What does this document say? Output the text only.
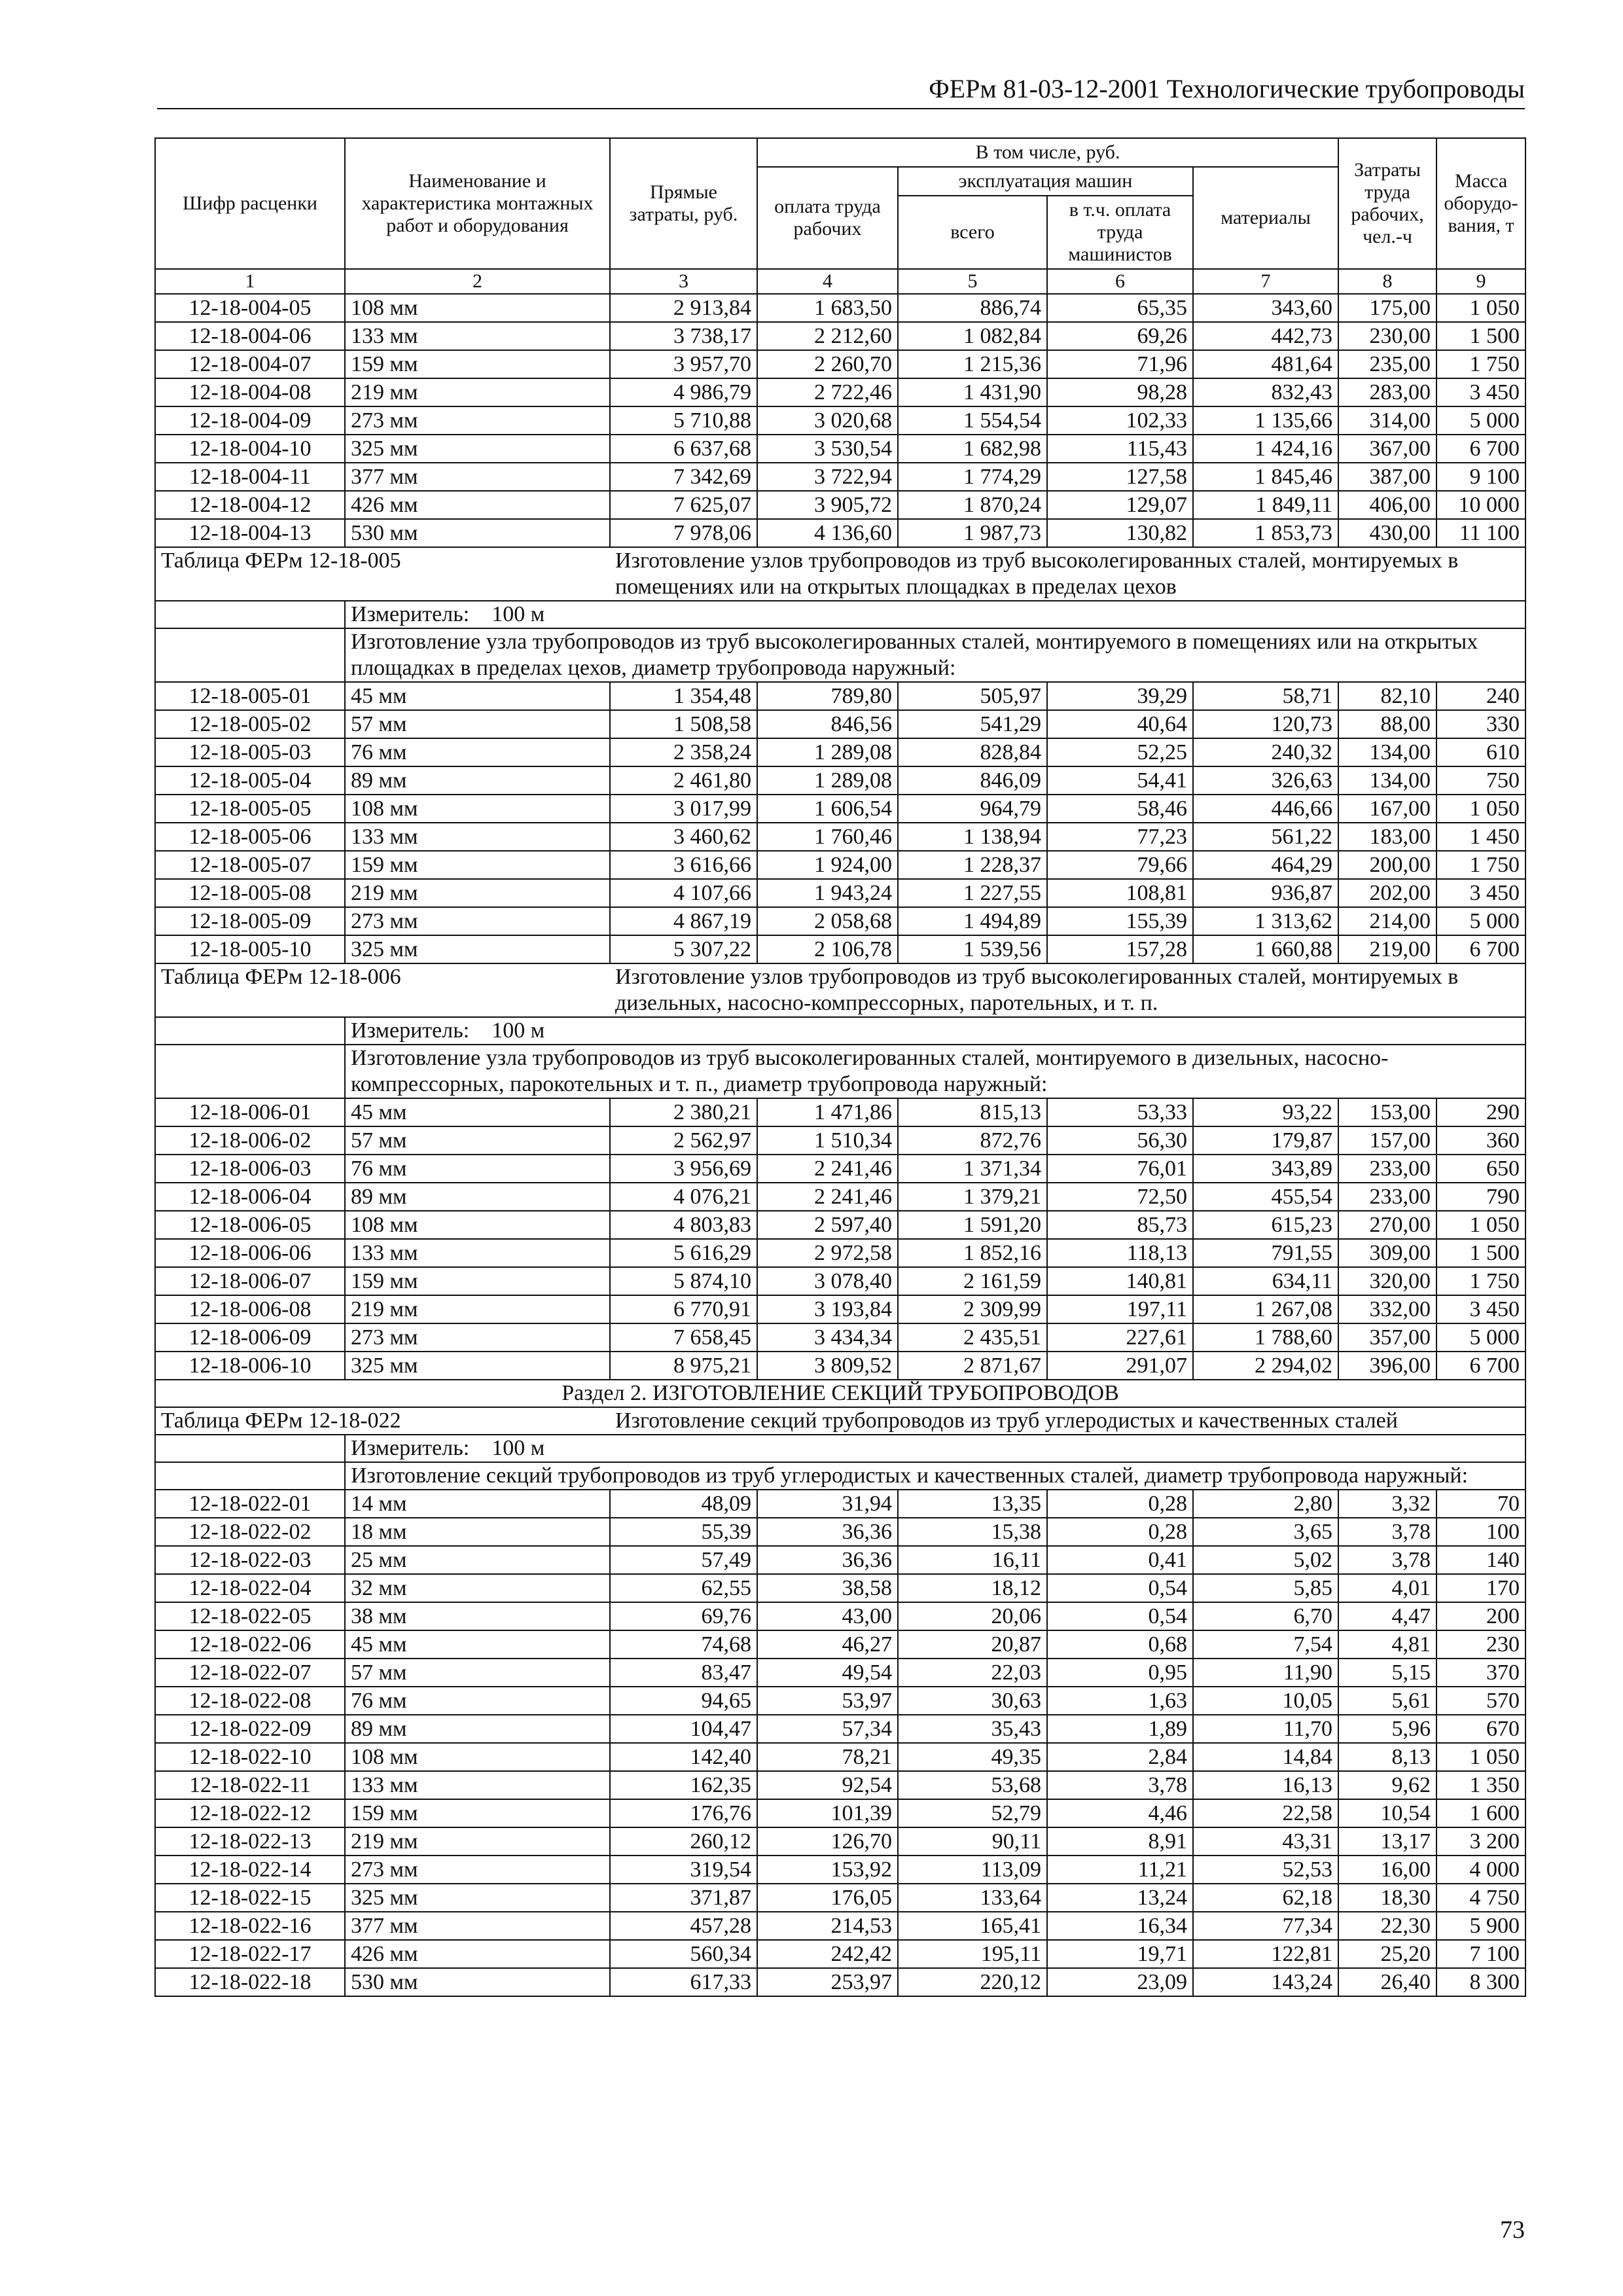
ФЕРм 81-03-12-2001 Технологические трубопроводы
Шифр расценки	Наименование и характеристика монтажных работ и оборудования	Прямые затраты, руб.	В том числе, руб.				Затраты труда рабочих, чел.-ч	Масса оборудо-вания, т
			оплата труда рабочих	эксплуатация машин		материалы		
				всего	в т.ч. оплата труда машинистов			

1	2	3	4	5	6	7	8	9
12-18-004-05	108 мм	2 913,84	1 683,50	886,74	65,35	343,60	175,00	1 050
12-18-004-06	133 мм	3 738,17	2 212,60	1 082,84	69,26	442,73	230,00	1 500
12-18-004-07	159 мм	3 957,70	2 260,70	1 215,36	71,96	481,64	235,00	1 750
12-18-004-08	219 мм	4 986,79	2 722,46	1 431,90	98,28	832,43	283,00	3 450
12-18-004-09	273 мм	5 710,88	3 020,68	1 554,54	102,33	1 135,66	314,00	5 000
12-18-004-10	325 мм	6 637,68	3 530,54	1 682,98	115,43	1 424,16	367,00	6 700
12-18-004-11	377 мм	7 342,69	3 722,94	1 774,29	127,58	1 845,46	387,00	9 100
12-18-004-12	426 мм	7 625,07	3 905,72	1 870,24	129,07	1 849,11	406,00	10 000
12-18-004-13	530 мм	7 978,06	4 136,60	1 987,73	130,82	1 853,73	430,00	11 100
Таблица ФЕРм 12-18-005		Изготовление узлов трубопроводов из труб высоколегированных сталей, монтируемых в помещениях или на открытых площадках в пределах цехов						
	Измеритель: 100 м							
	Изготовление узла трубопроводов из труб высоколегированных сталей, монтируемого в помещениях или на открытых площадках в пределах цехов, диаметр трубопровода наружный:							
12-18-005-01	45 мм	1 354,48	789,80	505,97	39,29	58,71	82,10	240
12-18-005-02	57 мм	1 508,58	846,56	541,29	40,64	120,73	88,00	330
12-18-005-03	76 мм	2 358,24	1 289,08	828,84	52,25	240,32	134,00	610
12-18-005-04	89 мм	2 461,80	1 289,08	846,09	54,41	326,63	134,00	750
12-18-005-05	108 мм	3 017,99	1 606,54	964,79	58,46	446,66	167,00	1 050
12-18-005-06	133 мм	3 460,62	1 760,46	1 138,94	77,23	561,22	183,00	1 450
12-18-005-07	159 мм	3 616,66	1 924,00	1 228,37	79,66	464,29	200,00	1 750
12-18-005-08	219 мм	4 107,66	1 943,24	1 227,55	108,81	936,87	202,00	3 450
12-18-005-09	273 мм	4 867,19	2 058,68	1 494,89	155,39	1 313,62	214,00	5 000
12-18-005-10	325 мм	5 307,22	2 106,78	1 539,56	157,28	1 660,88	219,00	6 700
Таблица ФЕРм 12-18-006		Изготовление узлов трубопроводов из труб высоколегированных сталей, монтируемых в дизельных, насосно-компрессорных, паротельных, и т. п.						
	Измеритель: 100 м							
	Изготовление узла трубопроводов из труб высоколегированных сталей, монтируемого в дизельных, насосно-компрессорных, парокотельных и т. п., диаметр трубопровода наружный:							
12-18-006-01	45 мм	2 380,21	1 471,86	815,13	53,33	93,22	153,00	290
12-18-006-02	57 мм	2 562,97	1 510,34	872,76	56,30	179,87	157,00	360
12-18-006-03	76 мм	3 956,69	2 241,46	1 371,34	76,01	343,89	233,00	650
12-18-006-04	89 мм	4 076,21	2 241,46	1 379,21	72,50	455,54	233,00	790
12-18-006-05	108 мм	4 803,83	2 597,40	1 591,20	85,73	615,23	270,00	1 050
12-18-006-06	133 мм	5 616,29	2 972,58	1 852,16	118,13	791,55	309,00	1 500
12-18-006-07	159 мм	5 874,10	3 078,40	2 161,59	140,81	634,11	320,00	1 750
12-18-006-08	219 мм	6 770,91	3 193,84	2 309,99	197,11	1 267,08	332,00	3 450
12-18-006-09	273 мм	7 658,45	3 434,34	2 435,51	227,61	1 788,60	357,00	5 000
12-18-006-10	325 мм	8 975,21	3 809,52	2 871,67	291,07	2 294,02	396,00	6 700
Раздел 2. ИЗГОТОВЛЕНИЕ СЕКЦИЙ ТРУБОПРОВОДОВ								
Таблица ФЕРм 12-18-022		Изготовление секций трубопроводов из труб углеродистых и качественных сталей						
	Измеритель: 100 м							
	Изготовление секций трубопроводов из труб углеродистых и качественных сталей, диаметр трубопровода наружный:							
12-18-022-01	14 мм	48,09	31,94	13,35	0,28	2,80	3,32	70
12-18-022-02	18 мм	55,39	36,36	15,38	0,28	3,65	3,78	100
12-18-022-03	25 мм	57,49	36,36	16,11	0,41	5,02	3,78	140
12-18-022-04	32 мм	62,55	38,58	18,12	0,54	5,85	4,01	170
12-18-022-05	38 мм	69,76	43,00	20,06	0,54	6,70	4,47	200
12-18-022-06	45 мм	74,68	46,27	20,87	0,68	7,54	4,81	230
12-18-022-07	57 мм	83,47	49,54	22,03	0,95	11,90	5,15	370
12-18-022-08	76 мм	94,65	53,97	30,63	1,63	10,05	5,61	570
12-18-022-09	89 мм	104,47	57,34	35,43	1,89	11,70	5,96	670
12-18-022-10	108 мм	142,40	78,21	49,35	2,84	14,84	8,13	1 050
12-18-022-11	133 мм	162,35	92,54	53,68	3,78	16,13	9,62	1 350
12-18-022-12	159 мм	176,76	101,39	52,79	4,46	22,58	10,54	1 600
12-18-022-13	219 мм	260,12	126,70	90,11	8,91	43,31	13,17	3 200
12-18-022-14	273 мм	319,54	153,92	113,09	11,21	52,53	16,00	4 000
12-18-022-15	325 мм	371,87	176,05	133,64	13,24	62,18	18,30	4 750
12-18-022-16	377 мм	457,28	214,53	165,41	16,34	77,34	22,30	5 900
12-18-022-17	426 мм	560,34	242,42	195,11	19,71	122,81	25,20	7 100
12-18-022-18	530 мм	617,33	253,97	220,12	23,09	143,24	26,40	8 300
73
